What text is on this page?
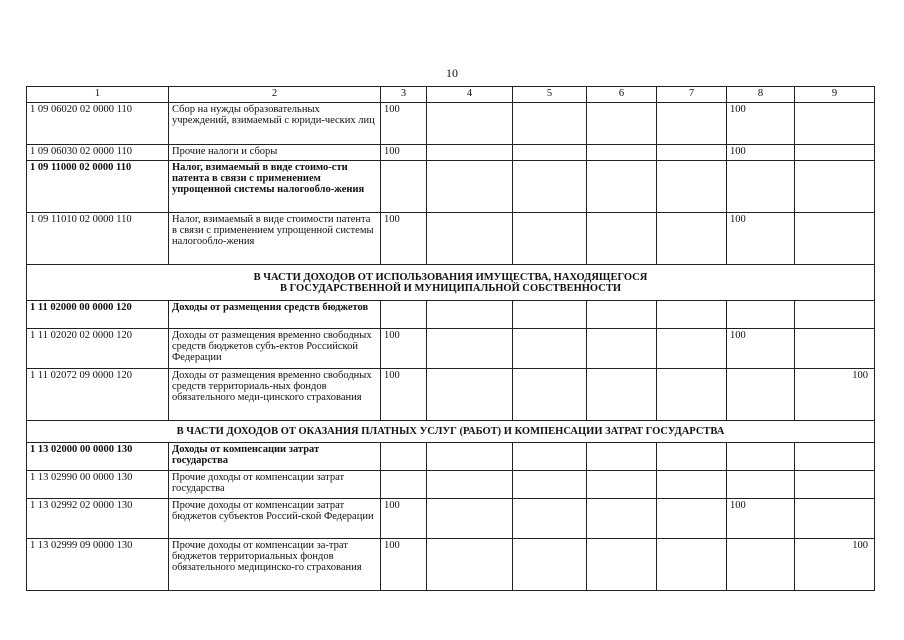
10
1	2	3	4	5	6	7	8	9
1 09 06020 02 0000 110	Сбор на нужды образовательных учреждений, взимаемый с юриди-ческих лиц	100					100	
1 09 06030 02 0000 110	Прочие налоги и сборы	100					100	
1 09 11000 02 0000 110	Налог, взимаемый в виде стоимо-сти патента в связи с применением упрощенной системы налогообло-жения							
1 09 11010 02 0000 110	Налог, взимаемый в виде стоимости патента в связи с применением упрощенной системы налогообло-жения	100					100	

В ЧАСТИ ДОХОДОВ ОТ ИСПОЛЬЗОВАНИЯ ИМУЩЕСТВА, НАХОДЯЩЕГОСЯ
В ГОСУДАРСТВЕННОЙ И МУНИЦИПАЛЬНОЙ СОБСТВЕННОСТИ								

1 11 02000 00 0000 120	Доходы от размещения средств бюджетов							
1 11 02020 02 0000 120	Доходы от размещения временно свободных средств бюджетов субъ-ектов Российской Федерации	100					100	
1 11 02072 09 0000 120	Доходы от размещения временно свободных средств территориаль-ных фондов обязательного меди-цинского страхования	100						100

В ЧАСТИ ДОХОДОВ ОТ ОКАЗАНИЯ ПЛАТНЫХ УСЛУГ (РАБОТ) И КОМПЕНСАЦИИ ЗАТРАТ ГОСУДАРСТВА								

1 13 02000 00 0000 130	Доходы от компенсации затрат государства							
1 13 02990 00 0000 130	Прочие доходы от компенсации затрат государства							
1 13 02992 02 0000 130	Прочие доходы от компенсации затрат бюджетов субъектов Россий-ской Федерации	100					100	
1 13 02999 09 0000 130	Прочие доходы от компенсации за-трат бюджетов территориальных фондов обязательного медицинско-го страхования	100						100
